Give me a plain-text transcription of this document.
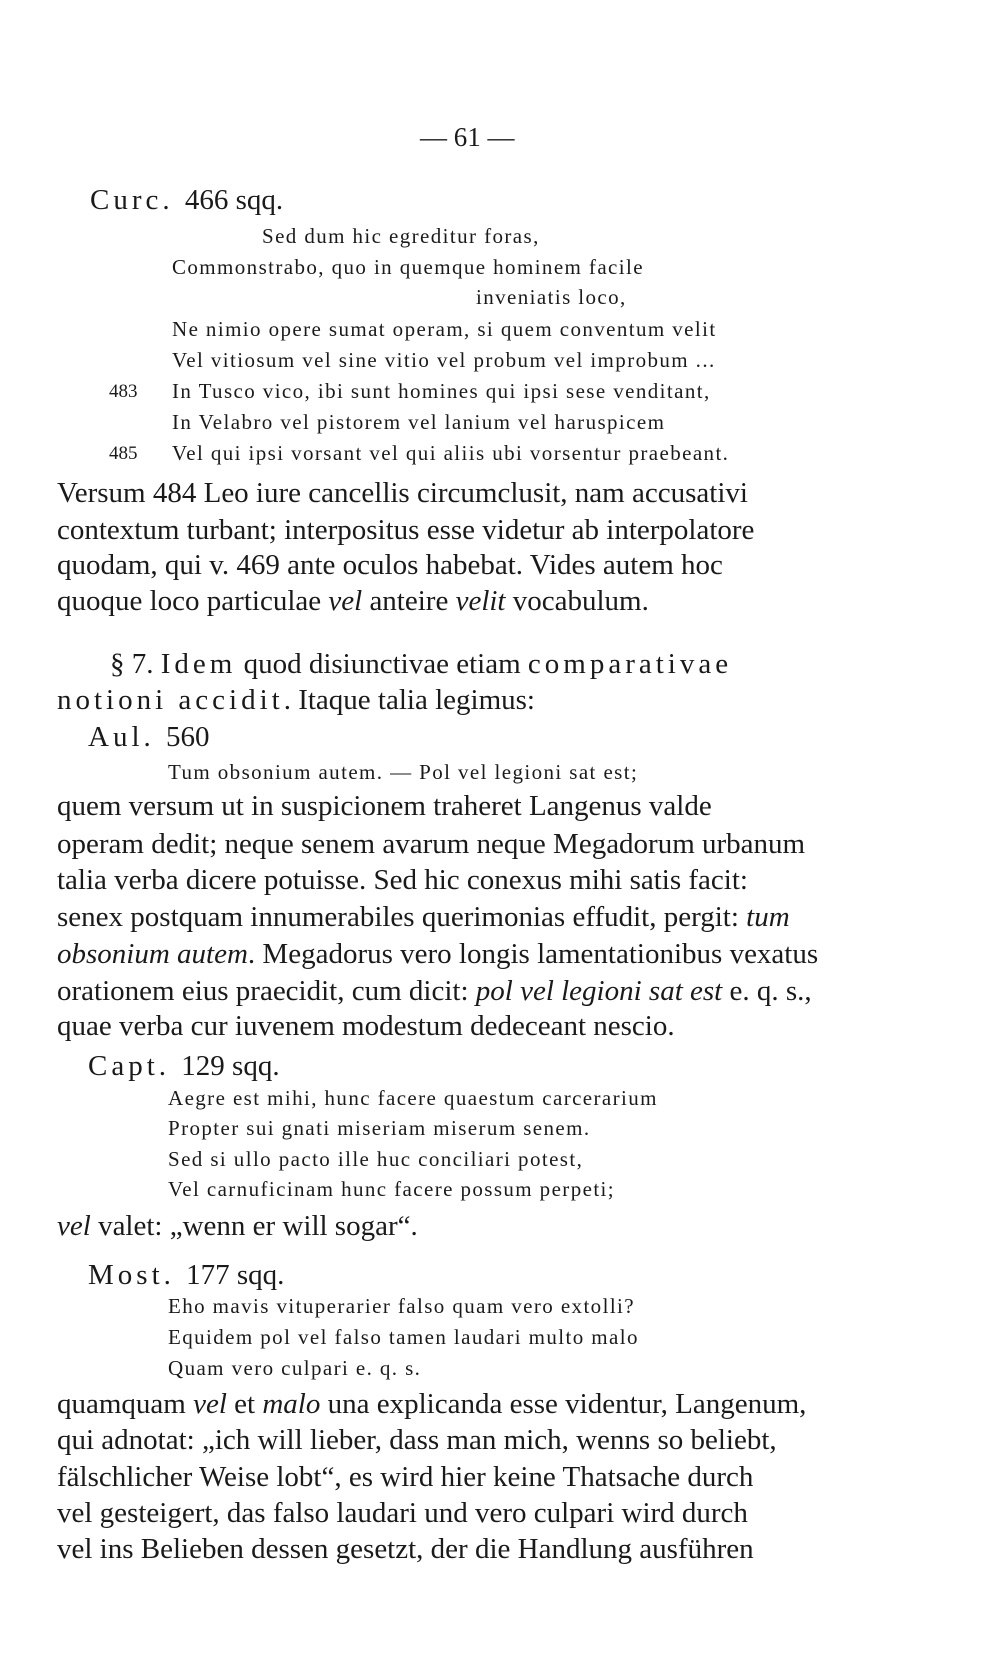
— 61 —
Curc. 466 sqq.
Sed dum hic egreditur foras,
Commonstrabo, quo in quemque hominem facile
inveniatis loco,
Ne nimio opere sumat operam, si quem conventum velit
Vel vitiosum vel sine vitio vel probum vel improbum ...
483 In Tusco vico, ibi sunt homines qui ipsi sese venditant,
In Velabro vel pistorem vel lanium vel haruspicem
485 Vel qui ipsi vorsant vel qui aliis ubi vorsentur praebeant.
Versum 484 Leo iure cancellis circumclusit, nam accusativi
contextum turbant; interpositus esse videtur ab interpolatore
quodam, qui v. 469 ante oculos habebat. Vides autem hoc
quoque loco particulae vel anteire velit vocabulum.
§ 7. Idem quod disiunctivae etiam comparativae
notioni accidit. Itaque talia legimus:
Aul. 560
Tum obsonium autem. — Pol vel legioni sat est;
quem versum ut in suspicionem traheret Langenus valde
operam dedit; neque senem avarum neque Megadorum urbanum
talia verba dicere potuisse. Sed hic conexus mihi satis facit:
senex postquam innumerabiles querimonias effudit, pergit: tum
obsonium autem. Megadorus vero longis lamentationibus vexatus
orationem eius praecidit, cum dicit: pol vel legioni sat est e. q. s.,
quae verba cur iuvenem modestum dedeceant nescio.
Capt. 129 sqq.
Aegre est mihi, hunc facere quaestum carcerarium
Propter sui gnati miseriam miserum senem.
Sed si ullo pacto ille huc conciliari potest,
Vel carnuficinam hunc facere possum perpeti;
vel valet: „wenn er will sogar“.
Most. 177 sqq.
Eho mavis vituperarier falso quam vero extolli?
Equidem pol vel falso tamen laudari multo malo
Quam vero culpari e. q. s.
quamquam vel et malo una explicanda esse videntur, Langenum,
qui adnotat: „ich will lieber, dass man mich, wenns so beliebt,
fälschlicher Weise lobt“, es wird hier keine Thatsache durch
vel gesteigert, das falso laudari und vero culpari wird durch
vel ins Belieben dessen gesetzt, der die Handlung ausführen
